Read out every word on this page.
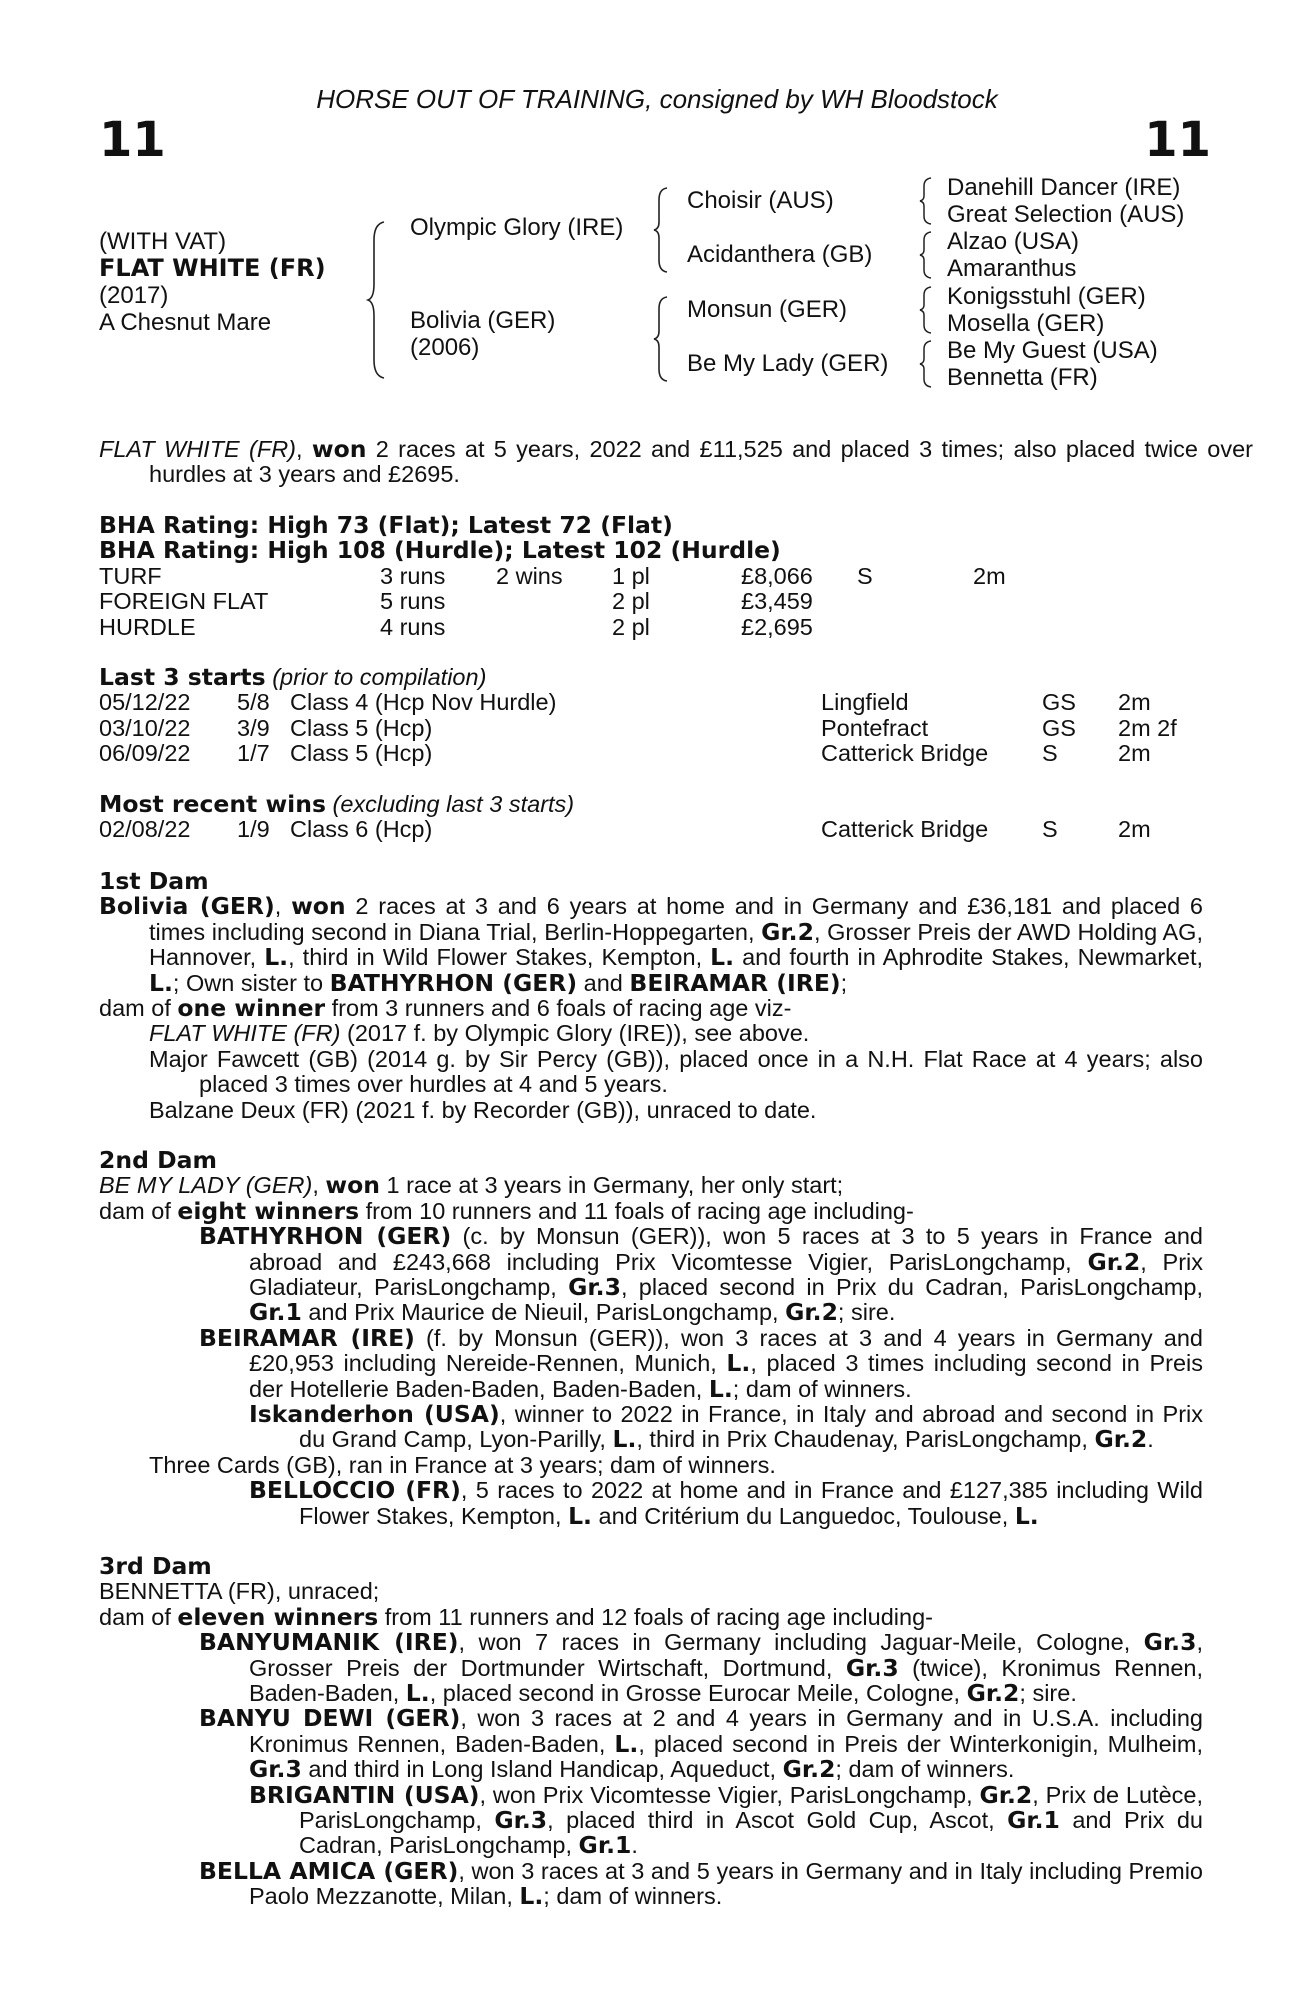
HORSE OUT OF TRAINING, consigned by WH Bloodstock
11	11
(WITH VAT)
FLAT WHITE (FR)
(2017)
A Chesnut Mare
Olympic Glory (IRE)
Bolivia (GER)
(2006)
Choisir (AUS)
Acidanthera (GB)
Monsun (GER)
Be My Lady (GER)
Danehill Dancer (IRE)
Great Selection (AUS)
Alzao (USA)
Amaranthus
Konigsstuhl (GER)
Mosella (GER)
Be My Guest (USA)
Bennetta (FR)
FLAT WHITE (FR), won 2 races at 5 years, 2022 and £11,525 and placed 3 times; also placed twice over hurdles at 3 years and £2695.
BHA Rating: High 73 (Flat); Latest 72 (Flat)
BHA Rating: High 108 (Hurdle); Latest 102 (Hurdle)
TURF	3 runs 2 wins 1 pl	£8,066 S	2m
FOREIGN FLAT	5 runs	2 pl	£3,459
HURDLE	4 runs	2 pl	£2,695
Last 3 starts (prior to compilation)
05/12/22 5/8 Class 4 (Hcp Nov Hurdle)	Lingfield	GS 2m
03/10/22 3/9 Class 5 (Hcp)	Pontefract	GS 2m 2f
06/09/22 1/7 Class 5 (Hcp)	Catterick Bridge S	2m
Most recent wins (excluding last 3 starts)
02/08/22 1/9 Class 6 (Hcp)	Catterick Bridge S	2m
1st Dam
Bolivia (GER), won 2 races at 3 and 6 years at home and in Germany and £36,181 and placed 6 times including second in Diana Trial, Berlin-Hoppegarten, Gr.2, Grosser Preis der AWD Holding AG, Hannover, L., third in Wild Flower Stakes, Kempton, L. and fourth in Aphrodite Stakes, Newmarket, L.; Own sister to BATHYRHON (GER) and BEIRAMAR (IRE);
dam of one winner from 3 runners and 6 foals of racing age viz-
FLAT WHITE (FR) (2017 f. by Olympic Glory (IRE)), see above.
Major Fawcett (GB) (2014 g. by Sir Percy (GB)), placed once in a N.H. Flat Race at 4 years; also placed 3 times over hurdles at 4 and 5 years.
Balzane Deux (FR) (2021 f. by Recorder (GB)), unraced to date.
2nd Dam
BE MY LADY (GER), won 1 race at 3 years in Germany, her only start;
dam of eight winners from 10 runners and 11 foals of racing age including-
BATHYRHON (GER) (c. by Monsun (GER)), won 5 races at 3 to 5 years in France and abroad and £243,668 including Prix Vicomtesse Vigier, ParisLongchamp, Gr.2, Prix Gladiateur, ParisLongchamp, Gr.3, placed second in Prix du Cadran, ParisLongchamp, Gr.1 and Prix Maurice de Nieuil, ParisLongchamp, Gr.2; sire.
BEIRAMAR (IRE) (f. by Monsun (GER)), won 3 races at 3 and 4 years in Germany and £20,953 including Nereide-Rennen, Munich, L., placed 3 times including second in Preis der Hotellerie Baden-Baden, Baden-Baden, L.; dam of winners.
Iskanderhon (USA), winner to 2022 in France, in Italy and abroad and second in Prix du Grand Camp, Lyon-Parilly, L., third in Prix Chaudenay, ParisLongchamp, Gr.2.
Three Cards (GB), ran in France at 3 years; dam of winners.
BELLOCCIO (FR), 5 races to 2022 at home and in France and £127,385 including Wild Flower Stakes, Kempton, L. and Critérium du Languedoc, Toulouse, L.
3rd Dam
BENNETTA (FR), unraced;
dam of eleven winners from 11 runners and 12 foals of racing age including-
BANYUMANIK (IRE), won 7 races in Germany including Jaguar-Meile, Cologne, Gr.3, Grosser Preis der Dortmunder Wirtschaft, Dortmund, Gr.3 (twice), Kronimus Rennen, Baden-Baden, L., placed second in Grosse Eurocar Meile, Cologne, Gr.2; sire.
BANYU DEWI (GER), won 3 races at 2 and 4 years in Germany and in U.S.A. including Kronimus Rennen, Baden-Baden, L., placed second in Preis der Winterkonigin, Mulheim, Gr.3 and third in Long Island Handicap, Aqueduct, Gr.2; dam of winners.
BRIGANTIN (USA), won Prix Vicomtesse Vigier, ParisLongchamp, Gr.2, Prix de Lutèce, ParisLongchamp, Gr.3, placed third in Ascot Gold Cup, Ascot, Gr.1 and Prix du Cadran, ParisLongchamp, Gr.1.
BELLA AMICA (GER), won 3 races at 3 and 5 years in Germany and in Italy including Premio Paolo Mezzanotte, Milan, L.; dam of winners.
